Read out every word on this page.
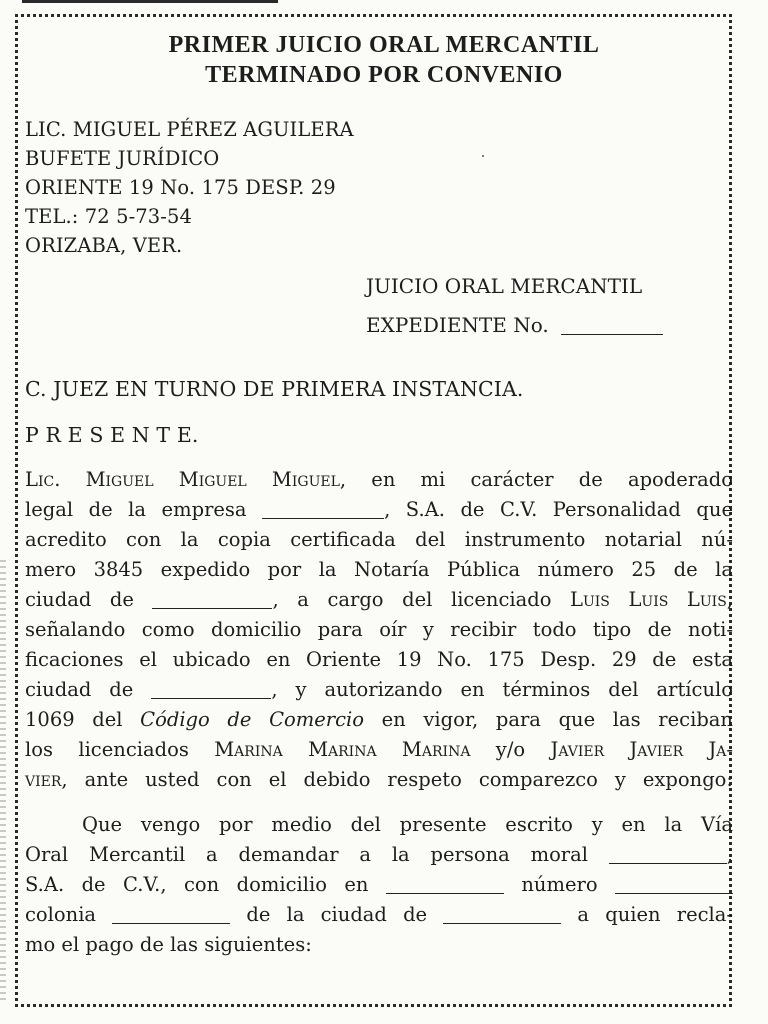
PRIMER JUICIO ORAL MERCANTIL
TERMINADO POR CONVENIO
LIC. MIGUEL PÉREZ AGUILERA
BUFETE JURÍDICO
ORIENTE 19 No. 175 DESP. 29
TEL.: 72 5-73-54
ORIZABA, VER.
JUICIO ORAL MERCANTIL
EXPEDIENTE No.
C. JUEZ EN TURNO DE PRIMERA INSTANCIA.
P R E S E N T E.
Lic. Miguel Miguel Miguel, en mi carácter de apoderado
legal de la empresa	, S.A. de C.V. Personalidad que
acredito con la copia certificada del instrumento notarial nú-
mero 3845 expedido por la Notaría Pública número 25 de la
ciudad de	, a cargo del licenciado Luis Luis Luis,
señalando como domicilio para oír y recibir todo tipo de noti-
ficaciones el ubicado en Oriente 19 No. 175 Desp. 29 de esta
ciudad de	, y autorizando en términos del artículo
1069 del Código de Comercio en vigor, para que las reciban
los licenciados Marina Marina Marina y/o Javier Javier Ja-
vier, ante usted con el debido respeto comparezco y expongo:
Que vengo por medio del presente escrito y en la Vía
Oral Mercantil a demandar a la persona moral	,
S.A. de C.V., con domicilio en	número
colonia	de la ciudad de	a quien recla-
mo el pago de las siguientes:
